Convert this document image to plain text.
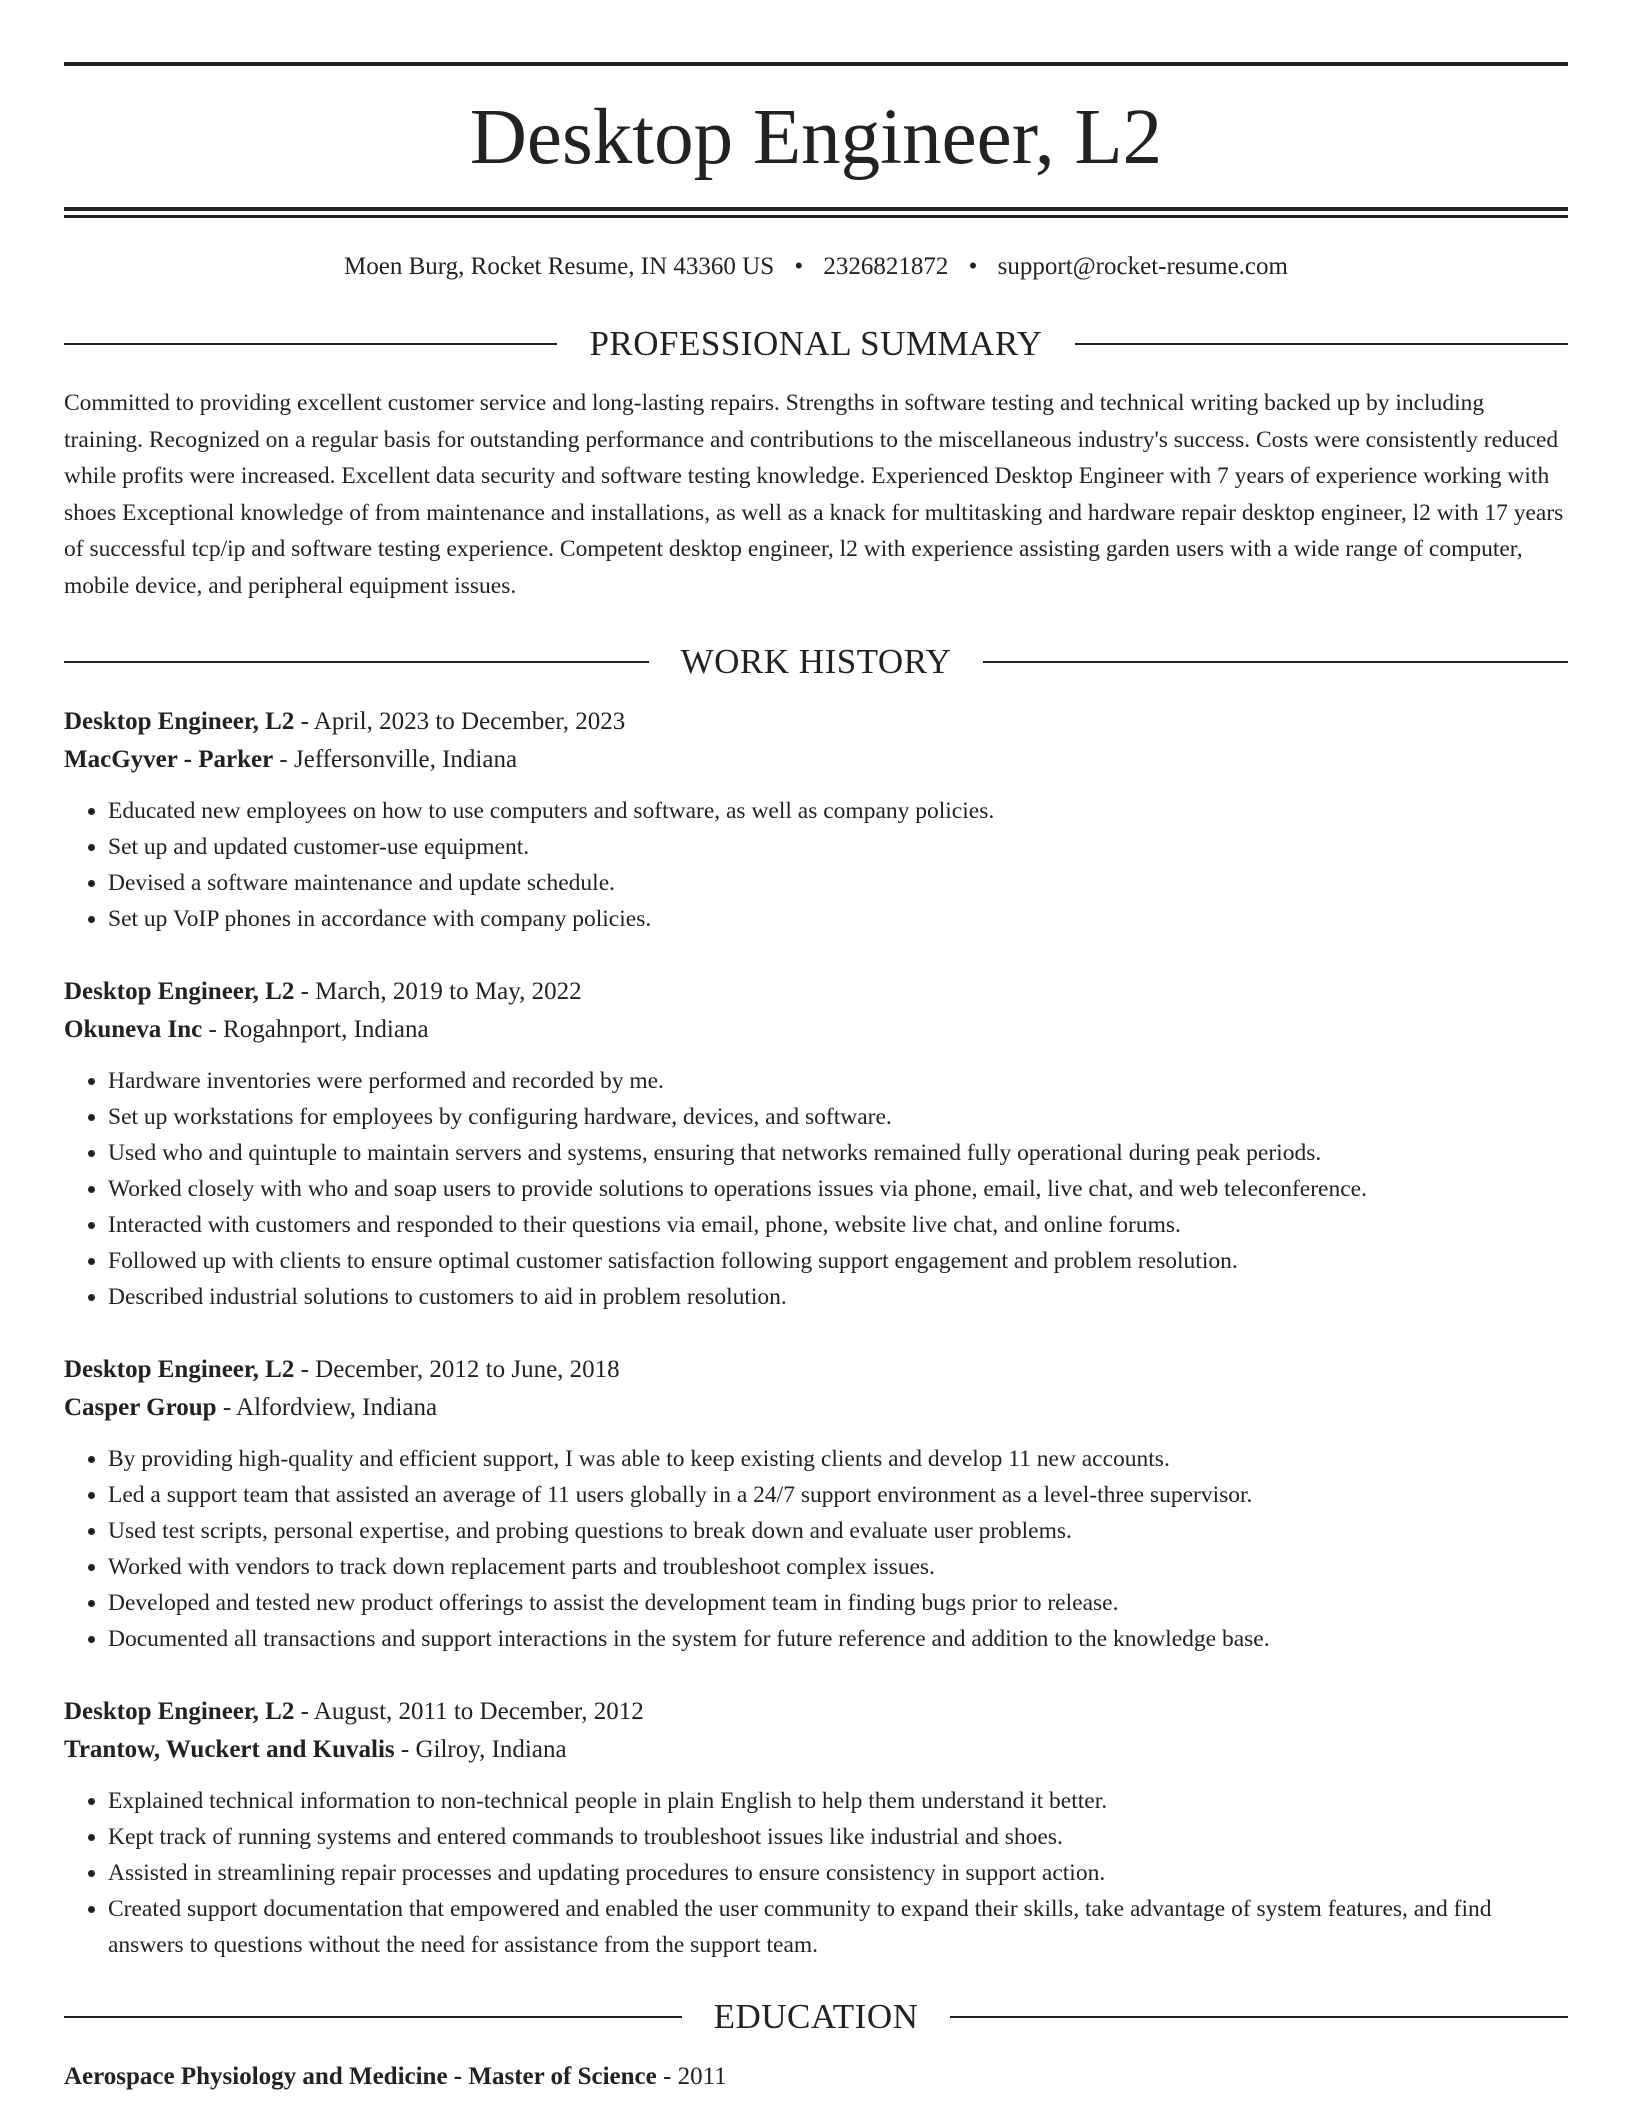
Desktop Engineer, L2
Moen Burg, Rocket Resume, IN 43360 US • 2326821872 • support@rocket-resume.com
PROFESSIONAL SUMMARY

Committed to providing excellent customer service and long-lasting repairs. Strengths in software testing and technical writing backed up by including training. Recognized on a regular basis for outstanding performance and contributions to the miscellaneous industry's success. Costs were consistently reduced while profits were increased. Excellent data security and software testing knowledge. Experienced Desktop Engineer with 7 years of experience working with shoes Exceptional knowledge of from maintenance and installations, as well as a knack for multitasking and hardware repair desktop engineer, l2 with 17 years of successful tcp/ip and software testing experience. Competent desktop engineer, l2 with experience assisting garden users with a wide range of computer, mobile device, and peripheral equipment issues.

WORK HISTORY
Desktop Engineer, L2 - April, 2023 to December, 2023
MacGyver - Parker - Jeffersonville, Indiana
• Educated new employees on how to use computers and software, as well as company policies.
• Set up and updated customer-use equipment.
• Devised a software maintenance and update schedule.
• Set up VoIP phones in accordance with company policies.
Desktop Engineer, L2 - March, 2019 to May, 2022
Okuneva Inc - Rogahnport, Indiana
• Hardware inventories were performed and recorded by me.
• Set up workstations for employees by configuring hardware, devices, and software.
• Used who and quintuple to maintain servers and systems, ensuring that networks remained fully operational during peak periods.
• Worked closely with who and soap users to provide solutions to operations issues via phone, email, live chat, and web teleconference.
• Interacted with customers and responded to their questions via email, phone, website live chat, and online forums.
• Followed up with clients to ensure optimal customer satisfaction following support engagement and problem resolution.
• Described industrial solutions to customers to aid in problem resolution.
Desktop Engineer, L2 - December, 2012 to June, 2018
Casper Group - Alfordview, Indiana
• By providing high-quality and efficient support, I was able to keep existing clients and develop 11 new accounts.
• Led a support team that assisted an average of 11 users globally in a 24/7 support environment as a level-three supervisor.
• Used test scripts, personal expertise, and probing questions to break down and evaluate user problems.
• Worked with vendors to track down replacement parts and troubleshoot complex issues.
• Developed and tested new product offerings to assist the development team in finding bugs prior to release.
• Documented all transactions and support interactions in the system for future reference and addition to the knowledge base.
Desktop Engineer, L2 - August, 2011 to December, 2012
Trantow, Wuckert and Kuvalis - Gilroy, Indiana
• Explained technical information to non-technical people in plain English to help them understand it better.
• Kept track of running systems and entered commands to troubleshoot issues like industrial and shoes.
• Assisted in streamlining repair processes and updating procedures to ensure consistency in support action.
• Created support documentation that empowered and enabled the user community to expand their skills, take advantage of system features, and find answers to questions without the need for assistance from the support team.
EDUCATION
Aerospace Physiology and Medicine - Master of Science - 2011
